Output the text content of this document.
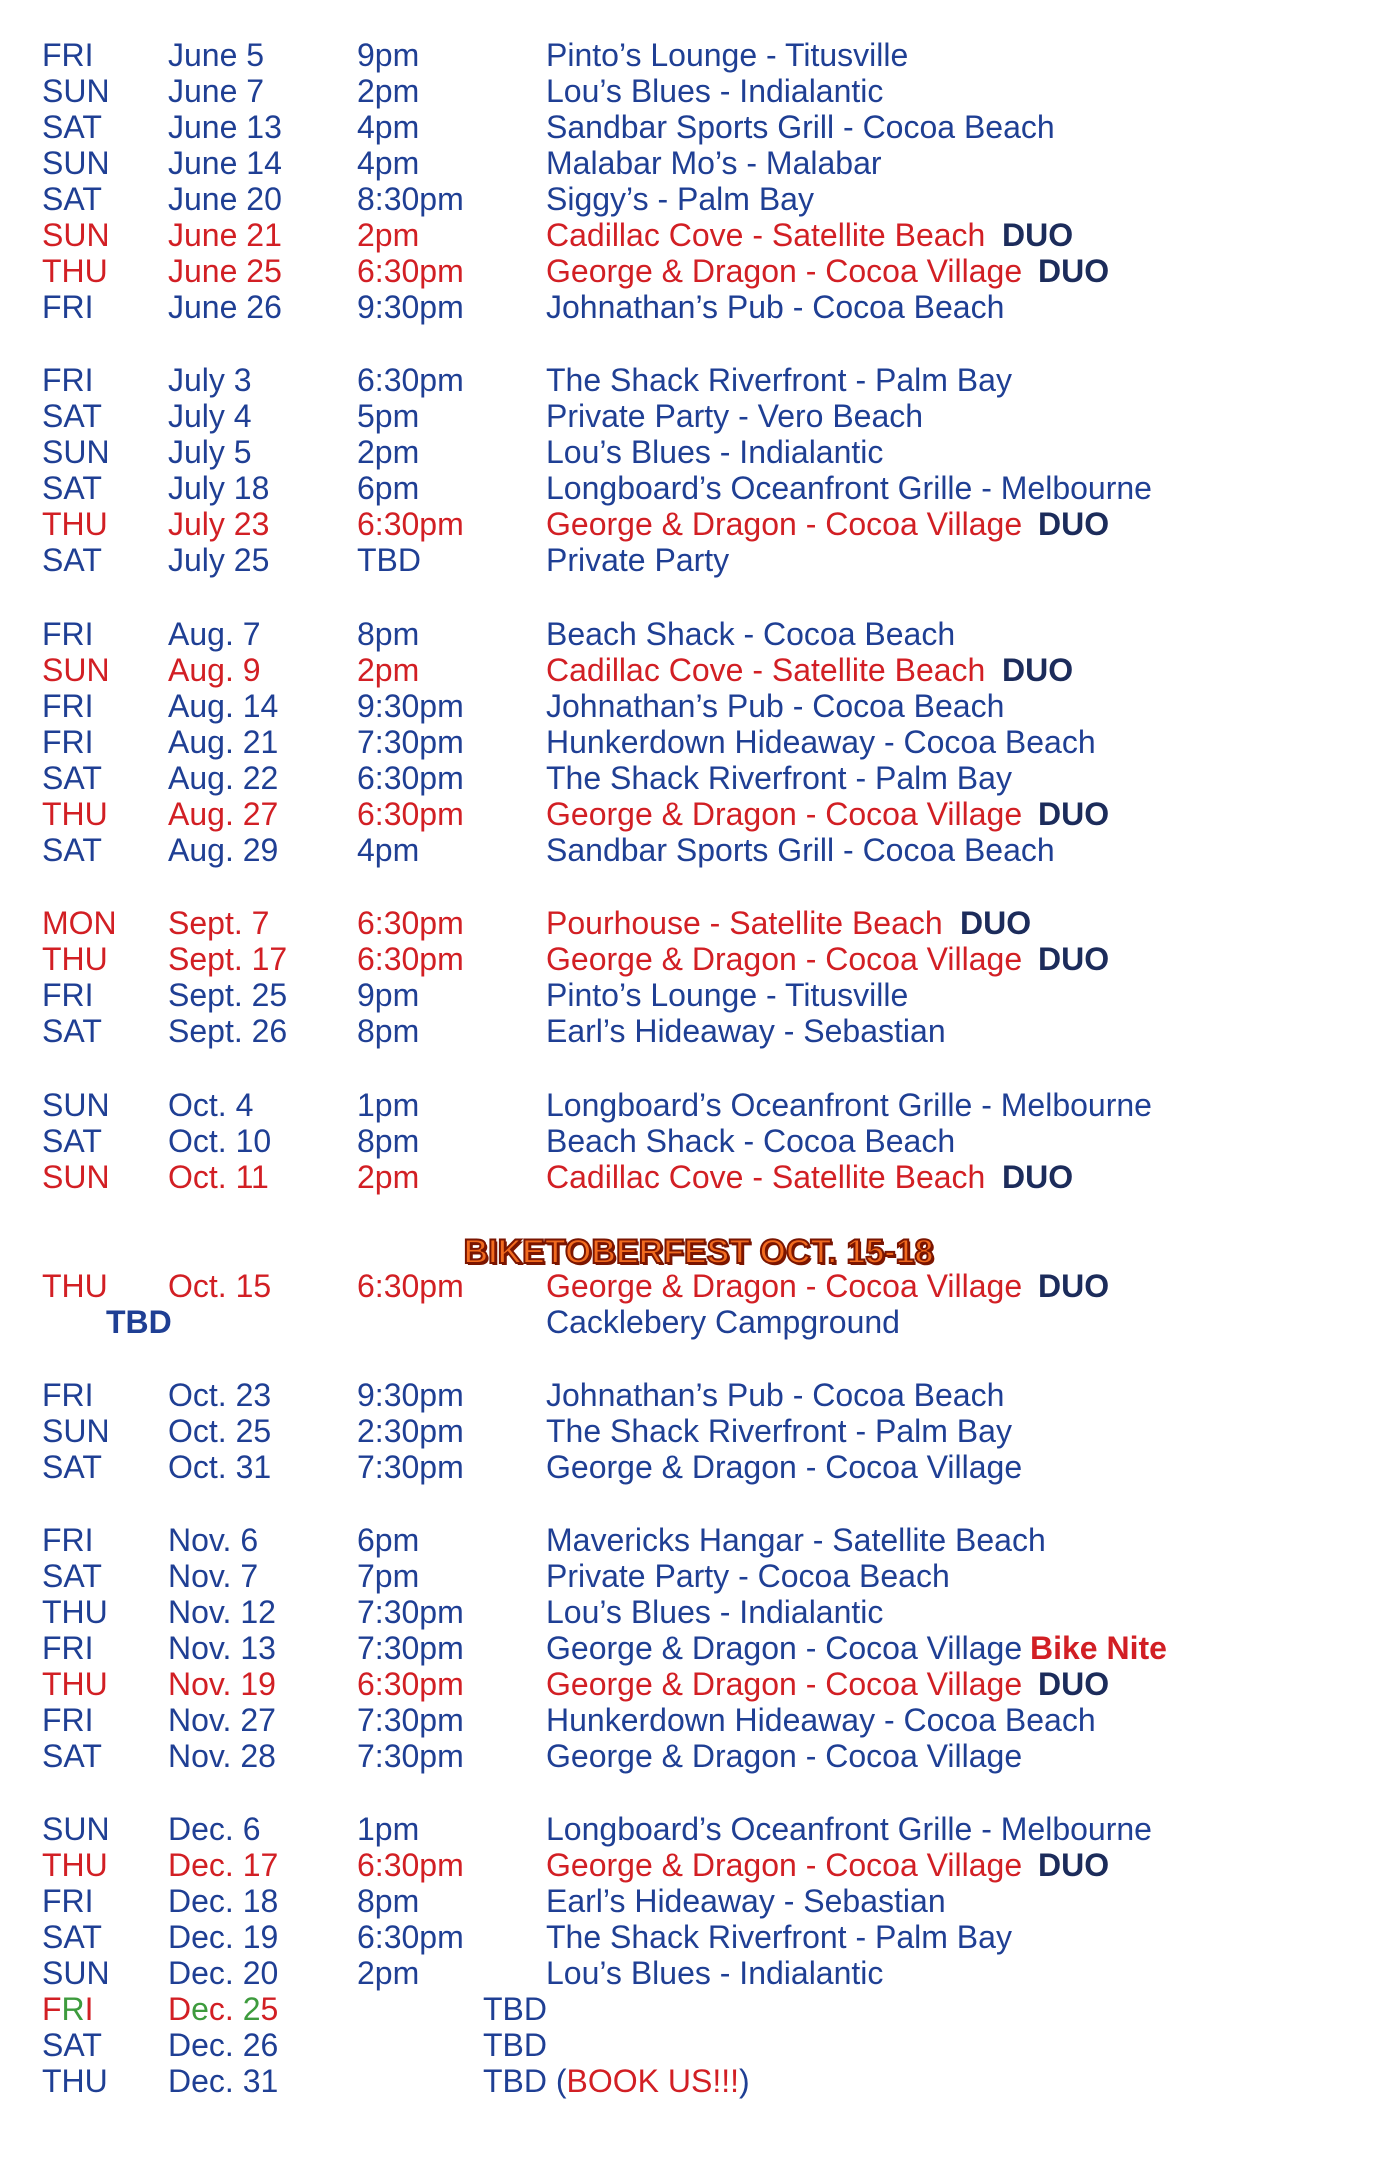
FRI June 5	9pm	Pinto’s Lounge - Titusville
SUN June 7	2pm	Lou’s Blues - Indialantic
SAT June 13 4pm	Sandbar Sports Grill - Cocoa Beach
SUN June 14 4pm	Malabar Mo’s - Malabar
SAT June 20 8:30pm	Siggy’s - Palm Bay
SUN June 21 2pm	Cadillac Cove - Satellite Beach DUO
THU June 25 6:30pm	George & Dragon - Cocoa Village DUO
FRI June 26 9:30pm	Johnathan’s Pub - Cocoa Beach
FRI July 3	6:30pm	The Shack Riverfront - Palm Bay
SAT July 4	5pm	Private Party - Vero Beach
SUN July 5	2pm	Lou’s Blues - Indialantic
SAT July 18	6pm	Longboard’s Oceanfront Grille - Melbourne
THU July 23	6:30pm	George & Dragon - Cocoa Village DUO
SAT July 25	TBD	Private Party
FRI Aug. 7	8pm	Beach Shack - Cocoa Beach
SUN Aug. 9	2pm	Cadillac Cove - Satellite Beach DUO
FRI Aug. 14 9:30pm	Johnathan’s Pub - Cocoa Beach
FRI Aug. 21 7:30pm	Hunkerdown Hideaway - Cocoa Beach
SAT Aug. 22 6:30pm	The Shack Riverfront - Palm Bay
THU Aug. 27 6:30pm	George & Dragon - Cocoa Village DUO
SAT Aug. 29 4pm	Sandbar Sports Grill - Cocoa Beach
MON Sept. 7	6:30pm	Pourhouse - Satellite Beach DUO
THU Sept. 17 6:30pm	George & Dragon - Cocoa Village DUO
FRI Sept. 25 9pm	Pinto’s Lounge - Titusville
SAT Sept. 26 8pm	Earl’s Hideaway - Sebastian
SUN Oct. 4	1pm	Longboard’s Oceanfront Grille - Melbourne
SAT Oct. 10	8pm	Beach Shack - Cocoa Beach
SUN Oct. 11	2pm	Cadillac Cove - Satellite Beach DUO
BIKETOBERFEST OCT. 15-18
THU Oct. 15	6:30pm	George & Dragon - Cocoa Village DUO
TBD	Cacklebery Campground
FRI Oct. 23	9:30pm	Johnathan’s Pub - Cocoa Beach
SUN Oct. 25	2:30pm	The Shack Riverfront - Palm Bay
SAT Oct. 31	7:30pm	George & Dragon - Cocoa Village
FRI Nov. 6	6pm	Mavericks Hangar - Satellite Beach
SAT Nov. 7	7pm	Private Party - Cocoa Beach
THU Nov. 12	7:30pm	Lou’s Blues - Indialantic
FRI Nov. 13	7:30pm	George & Dragon - Cocoa Village Bike Nite
THU Nov. 19	6:30pm	George & Dragon - Cocoa Village DUO
FRI Nov. 27	7:30pm	Hunkerdown Hideaway - Cocoa Beach
SAT Nov. 28	7:30pm	George & Dragon - Cocoa Village
SUN Dec. 6	1pm	Longboard’s Oceanfront Grille - Melbourne
THU Dec. 17 6:30pm	George & Dragon - Cocoa Village DUO
FRI Dec. 18 8pm	Earl’s Hideaway - Sebastian
SAT Dec. 19 6:30pm	The Shack Riverfront - Palm Bay
SUN Dec. 20 2pm	Lou’s Blues - Indialantic
FRI Dec. 25	TBD
SAT Dec. 26	TBD
THU Dec. 31	TBD (BOOK US!!!)
